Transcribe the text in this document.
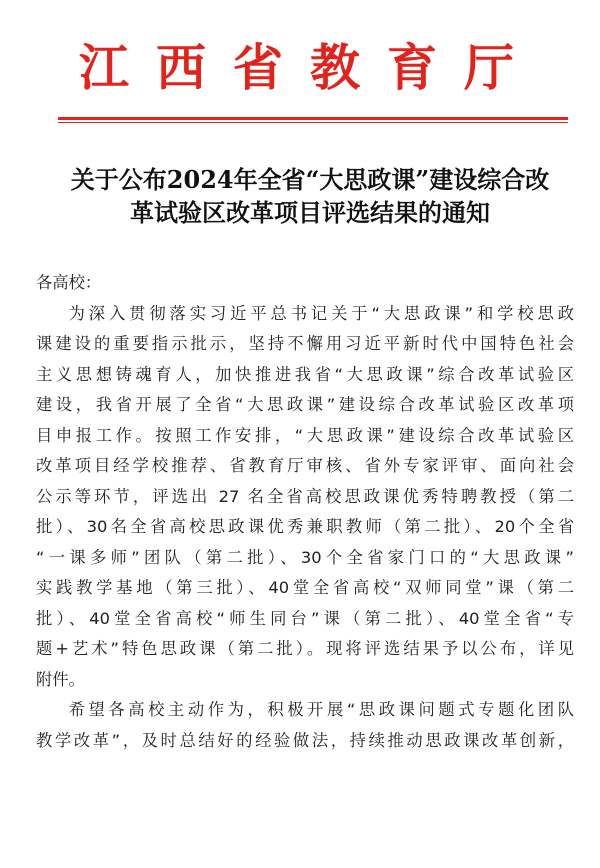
江西省教育厅
关于公布2024年全省“大思政课”建设综合改
革试验区改革项目评选结果的通知

各高校：

为深入贯彻落实习近平总书记关于“大思政课”和学校思政
课建设的重要指示批示，坚持不懈用习近平新时代中国特色社会
主义思想铸魂育人，加快推进我省“大思政课”综合改革试验区
建设，我省开展了全省“大思政课”建设综合改革试验区改革项
目申报工作。按照工作安排，“大思政课”建设综合改革试验区
改革项目经学校推荐、省教育厅审核、省外专家评审、面向社会
公示等环节，评选出 27 名全省高校思政课优秀特聘教授（第二
批）、30名全省高校思政课优秀兼职教师（第二批）、20个全省
“一课多师”团队（第二批）、30个全省家门口的“大思政课”
实践教学基地（第三批）、40堂全省高校“双师同堂”课（第二
批）、40堂全省高校“师生同台”课（第二批）、40堂全省“专
题+艺术”特色思政课（第二批）。现将评选结果予以公布，详见
附件。
希望各高校主动作为，积极开展“思政课问题式专题化团队
教学改革”，及时总结好的经验做法，持续推动思政课改革创新，
